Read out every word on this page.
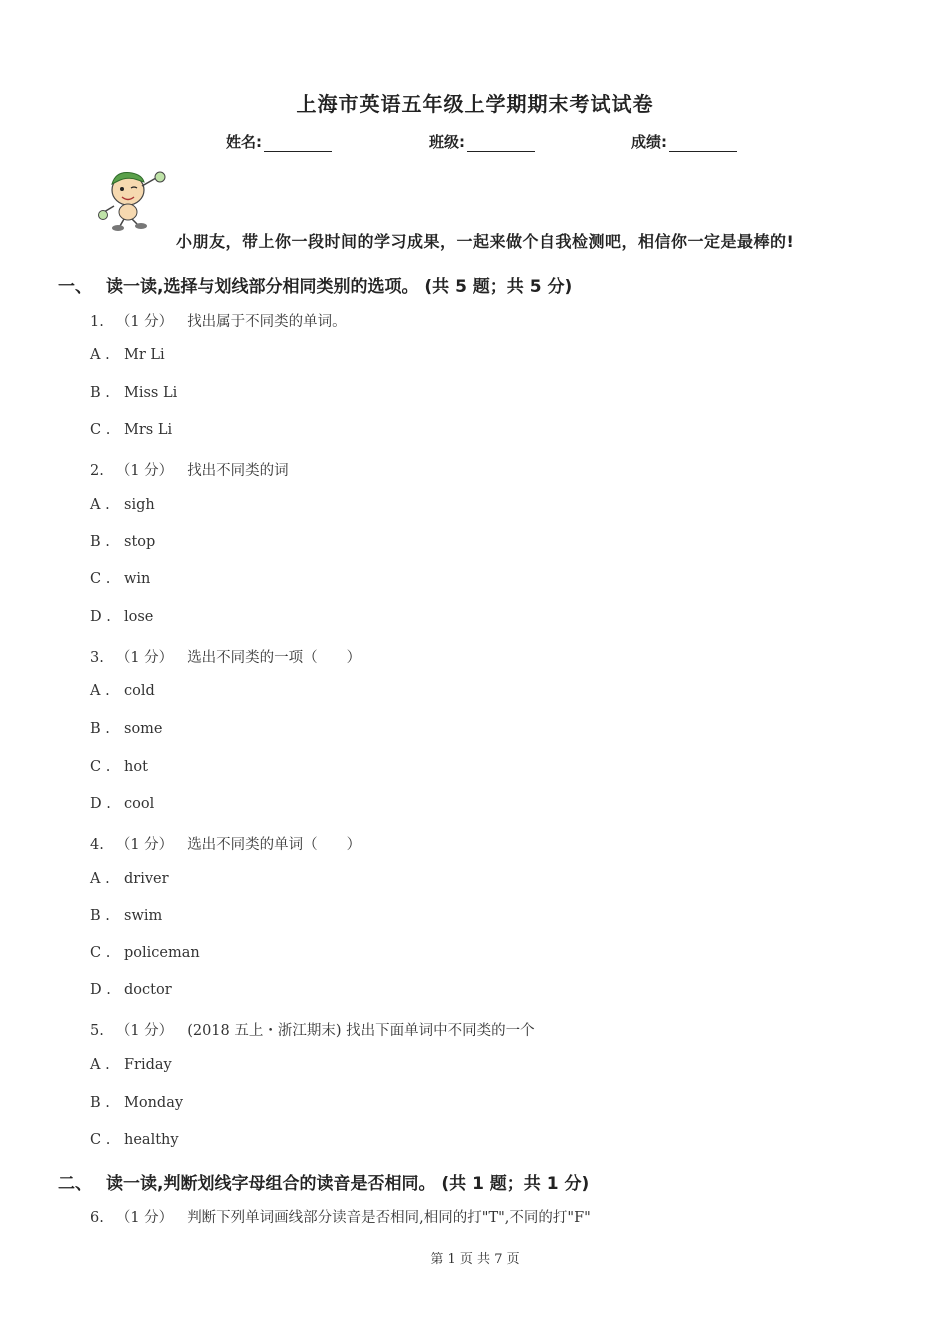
上海市英语五年级上学期期末考试试卷
姓名:	班级:	成绩:
小朋友，带上你一段时间的学习成果，一起来做个自我检测吧，相信你一定是最棒的!
一、 读一读,选择与划线部分相同类别的选项。 (共 5 题；共 5 分)
二、 读一读,判断划线字母组合的读音是否相同。 (共 1 题；共 1 分)
1. （1 分） 找出属于不同类的单词。
A . Mr Li
B . Miss Li
C . Mrs Li
2. （1 分） 找出不同类的词
A . sigh
B . stop
C . win
D . lose
3. （1 分） 选出不同类的一项（　　）
A . cold
B . some
C . hot
D . cool
4. （1 分） 选出不同类的单词（　　）
A . driver
B . swim
C . policeman
D . doctor
5. （1 分） (2018 五上・浙江期末) 找出下面单词中不同类的一个
A . Friday
B . Monday
C . healthy
6. （1 分） 判断下列单词画线部分读音是否相同,相同的打"T",不同的打"F"
第 1 页 共 7 页
